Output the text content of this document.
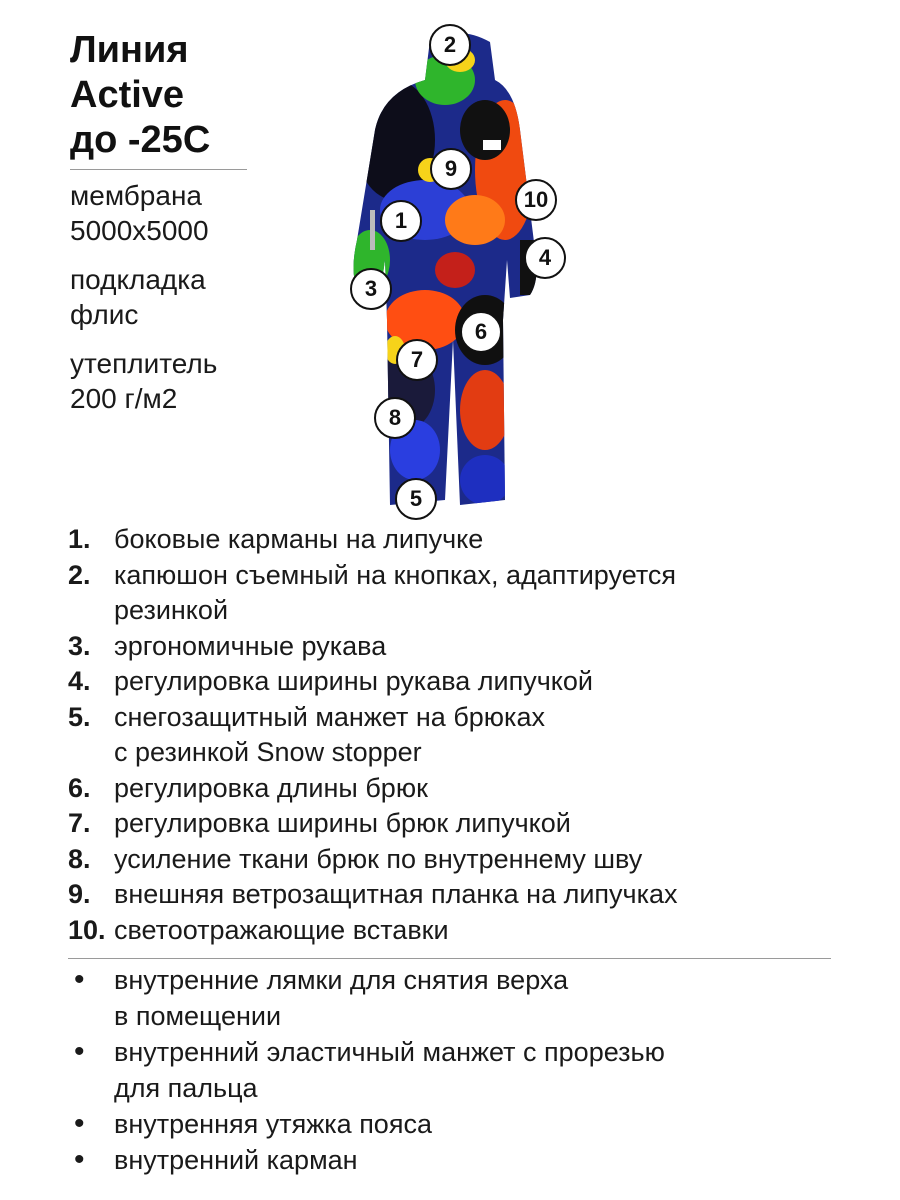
Линия
Active
до -25С
мембрана
5000x5000
подкладка
флис
утеплитель
200 г/м2
2
9
10
1
4
3
6
7
8
5
1. боковые карманы на липучке
2. капюшон съемный на кнопках, адаптируется
резинкой
3. эргономичные рукава
4. регулировка ширины рукава липучкой
5. снегозащитный манжет на брюках
с резинкой Snow stopper
6. регулировка длины брюк
7. регулировка ширины брюк липучкой
8. усиление ткани брюк по внутреннему шву
9. внешняя ветрозащитная планка на липучках
10. светоотражающие вставки
•	внутренние лямки для снятия верха
в помещении
•	внутренний эластичный манжет с прорезью
для пальца
•	внутренняя утяжка пояса
•	внутренний карман
